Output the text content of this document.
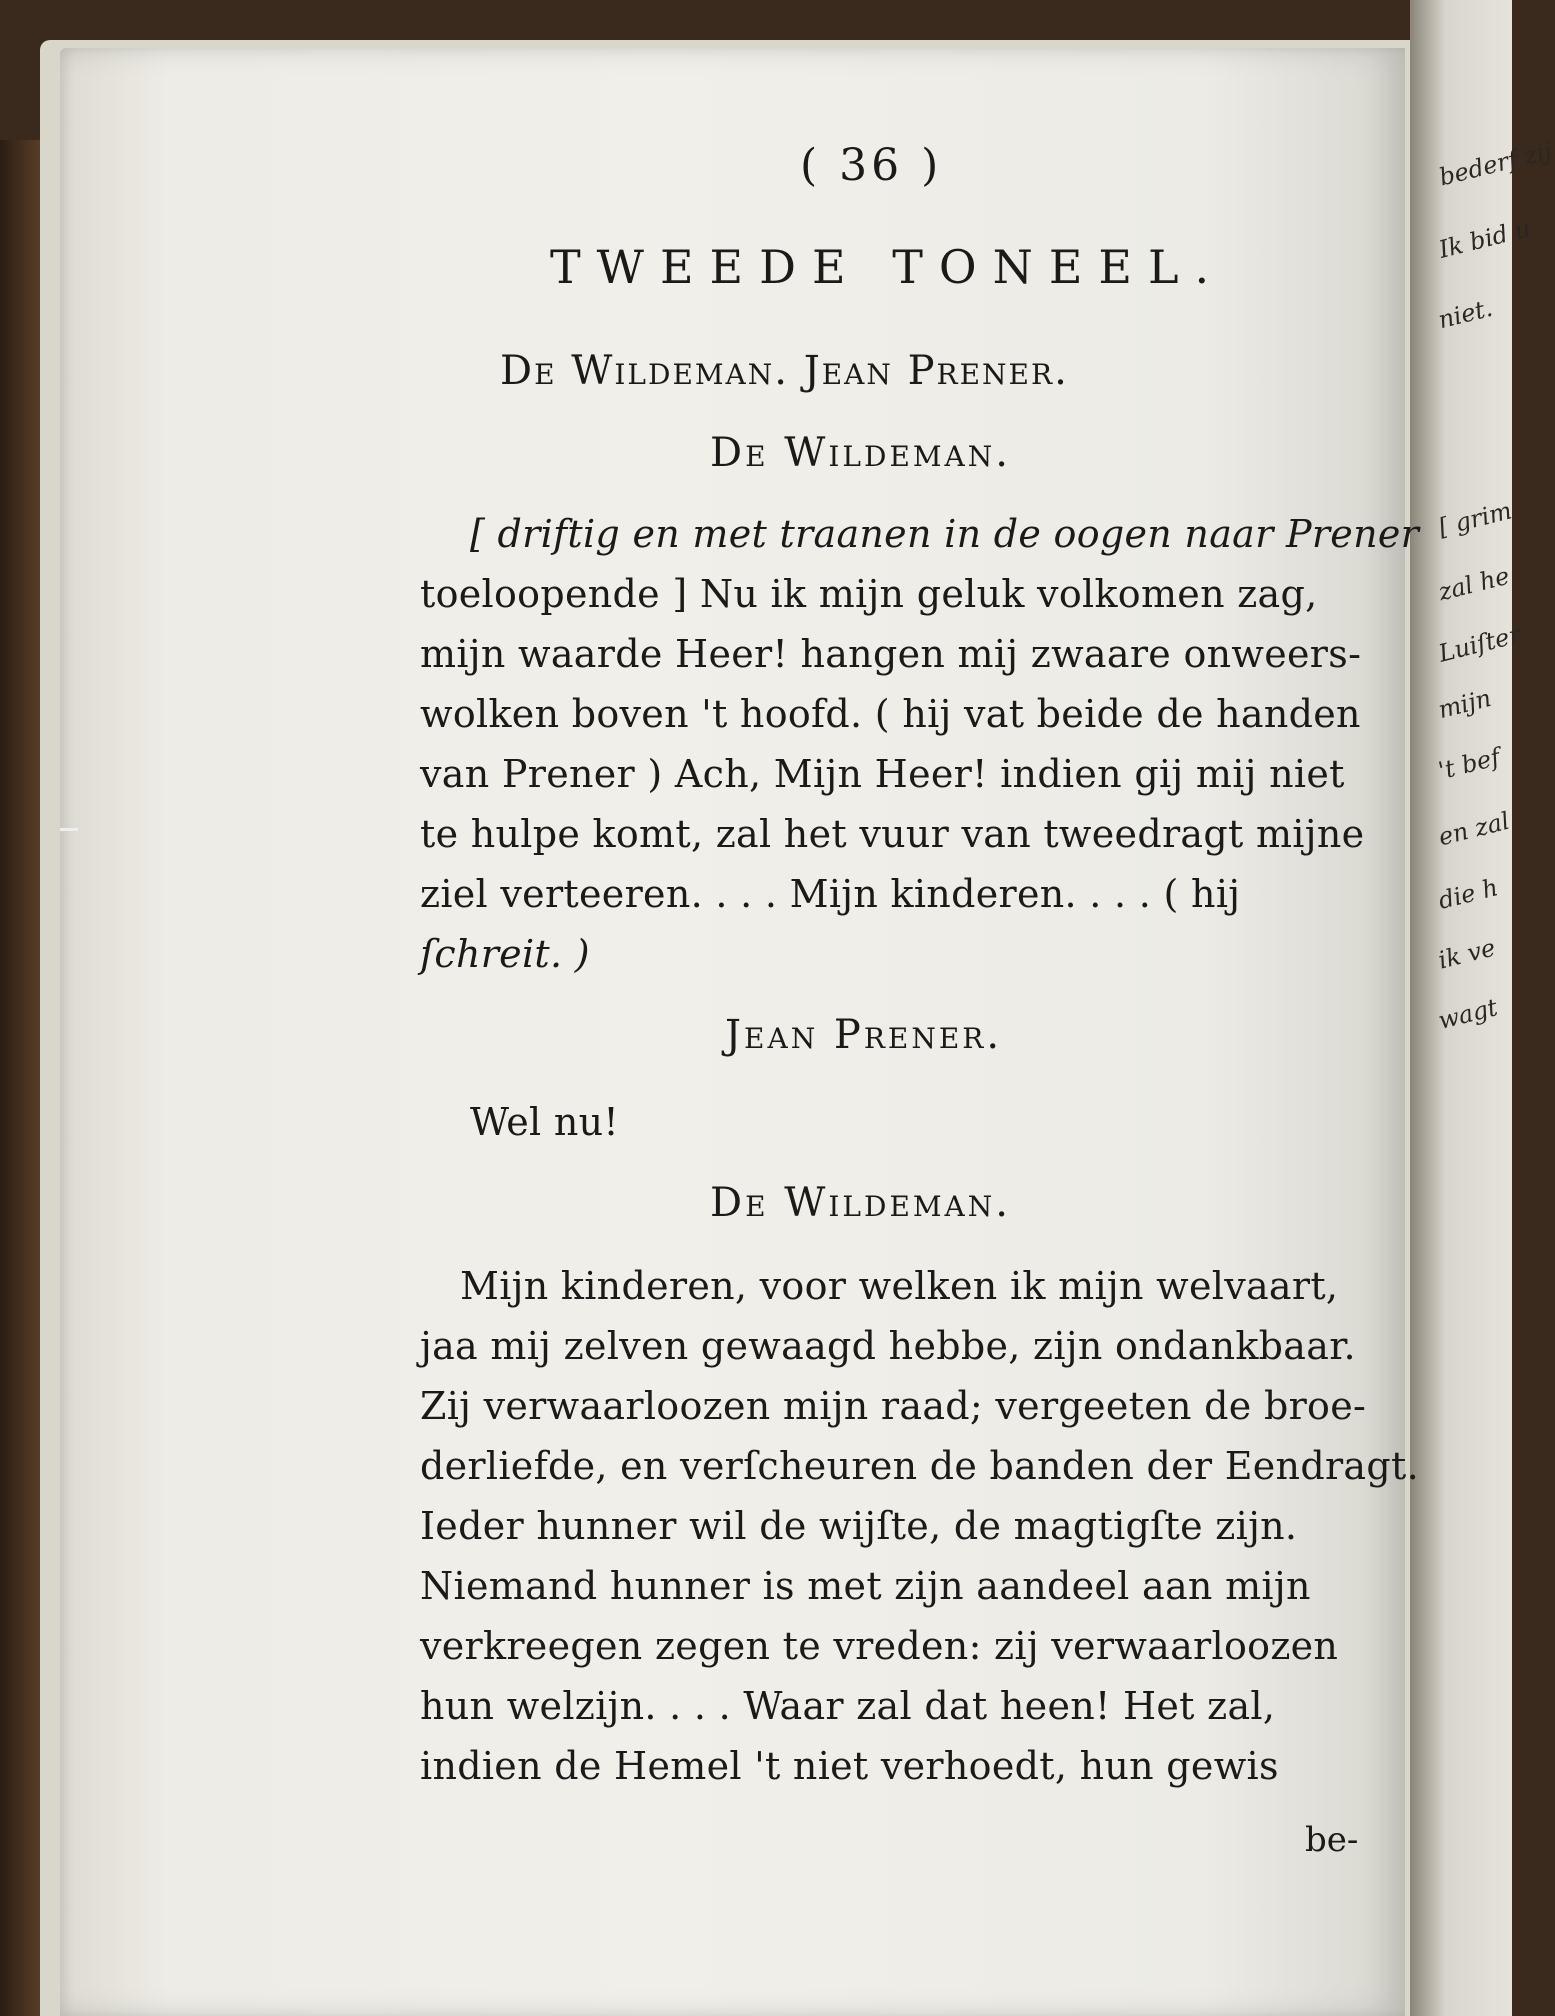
bederf zij
Ik bid u
niet.
[ grim
zal he
Luiſter
mijn
't bef
en zal
die h
ik ve
wagt
( 36 )
TWEEDE TONEEL.
De Wildeman. Jean Prener.
De Wildeman.
[ driftig en met traanen in de oogen naar Prener
toeloopende ] Nu ik mijn geluk volkomen zag,
mijn waarde Heer! hangen mij zwaare onweers-
wolken boven 't hoofd. ( hij vat beide de handen
van Prener ) Ach, Mijn Heer! indien gij mij niet
te hulpe komt, zal het vuur van tweedragt mijne
ziel verteeren. . . . Mijn kinderen. . . . ( hij
ſchreit. )
Jean Prener.
Wel nu!
De Wildeman.
Mijn kinderen, voor welken ik mijn welvaart,
jaa mij zelven gewaagd hebbe, zijn ondankbaar.
Zij verwaarloozen mijn raad; vergeeten de broe-
derliefde, en verſcheuren de banden der Eendragt.
Ieder hunner wil de wijſte, de magtigſte zijn.
Niemand hunner is met zijn aandeel aan mijn
verkreegen zegen te vreden: zij verwaarloozen
hun welzijn. . . . Waar zal dat heen! Het zal,
indien de Hemel 't niet verhoedt, hun gewis
be-
